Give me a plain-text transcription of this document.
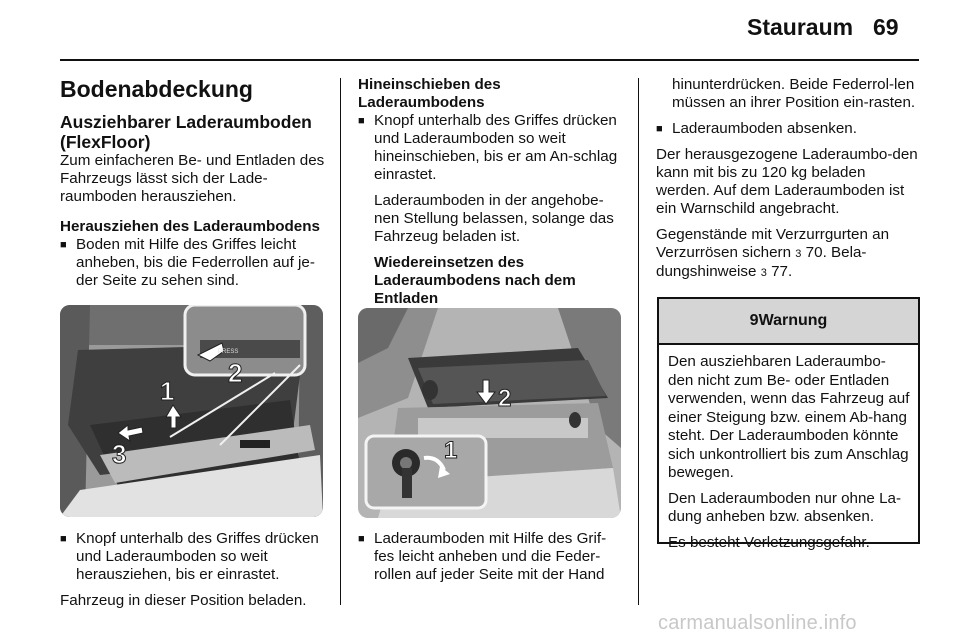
Stauraum 69
Bodenabdeckung
Ausziehbarer Laderaumboden (FlexFloor)

Zum einfacheren Be- und Entladen des Fahrzeugs lässt sich der Lade-raumboden herausziehen.

Herausziehen des Laderaumbodens
■ Boden mit Hilfe des Griffes leicht anheben, bis die Federrollen auf je-der Seite zu sehen sind.
PRESS
1
2
3
■ Knopf unterhalb des Griffes drücken und Laderaumboden so weit herausziehen, bis er einrastet.

Fahrzeug in dieser Position beladen.

Hineinschieben des Laderaumbodens
■ Knopf unterhalb des Griffes drücken und Laderaumboden so weit hineinschieben, bis er am An-schlag einrastet.

Laderaumboden in der angehobe-nen Stellung belassen, solange das Fahrzeug beladen ist.

Wiedereinsetzen des Laderaumbodens nach dem Entladen
2
1
■ Laderaumboden mit Hilfe des Grif-fes leicht anheben und die Feder-rollen auf jeder Seite mit der Hand

hinunterdrücken. Beide Federrol-len müssen an ihrer Position ein-rasten.

■ Laderaumboden absenken.

Der herausgezogene Laderaumbo-den kann mit bis zu 120 kg beladen werden. Auf dem Laderaumboden ist ein Warnschild angebracht.

Gegenstände mit Verzurrgurten an Verzurrösen sichern 3 70. Bela-dungshinweise 3 77.

9Warnung

Den ausziehbaren Laderaumbo-den nicht zum Be- oder Entladen verwenden, wenn das Fahrzeug auf einer Steigung bzw. einem Ab-hang steht. Der Laderaumboden könnte sich unkontrolliert bis zum Anschlag bewegen.

Den Laderaumboden nur ohne La-dung anheben bzw. absenken.

Es besteht Verletzungsgefahr.

carmanualsonline.info
